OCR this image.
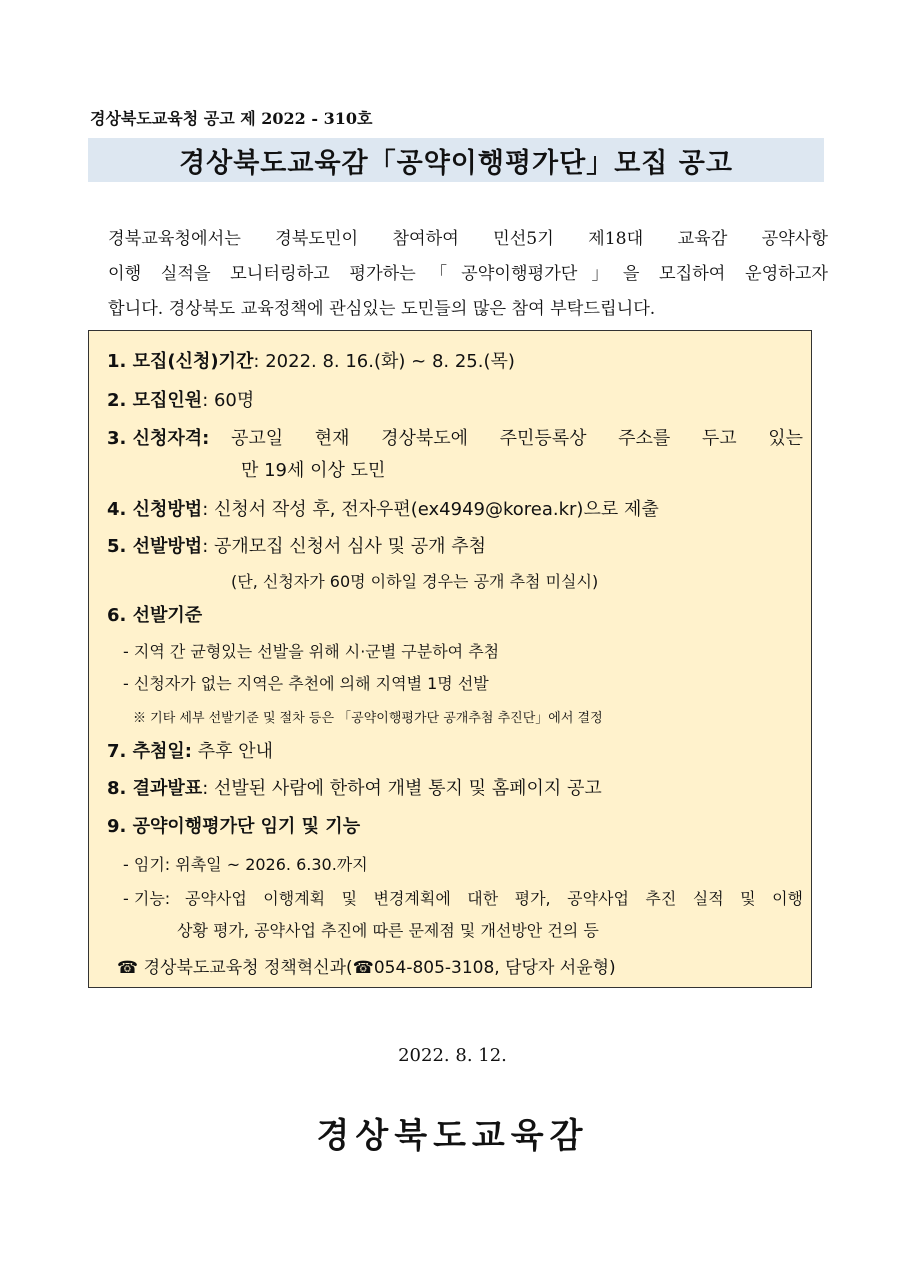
경상북도교육청 공고 제 2022 - 310호
경상북도교육감「공약이행평가단」모집 공고
경북교육청에서는 경북도민이 참여하여 민선5기 제18대 교육감 공약사항
이행 실적을 모니터링하고 평가하는「공약이행평가단」을 모집하여 운영하고자
합니다. 경상북도 교육정책에 관심있는 도민들의 많은 참여 부탁드립니다.
1. 모집(신청)기간: 2022. 8. 16.(화) ~ 8. 25.(목)
2. 모집인원: 60명
3. 신청자격: 공고일 현재 경상북도에 주민등록상 주소를 두고 있는
만 19세 이상 도민
4. 신청방법: 신청서 작성 후, 전자우편(ex4949@korea.kr)으로 제출
5. 선발방법: 공개모집 신청서 심사 및 공개 추첨
(단, 신청자가 60명 이하일 경우는 공개 추첨 미실시)
6. 선발기준
- 지역 간 균형있는 선발을 위해 시·군별 구분하여 추첨
- 신청자가 없는 지역은 추천에 의해 지역별 1명 선발
※ 기타 세부 선발기준 및 절차 등은 「공약이행평가단 공개추첨 추진단」에서 결정
7. 추첨일: 추후 안내
8. 결과발표: 선발된 사람에 한하여 개별 통지 및 홈페이지 공고
9. 공약이행평가단 임기 및 기능
- 임기: 위촉일 ~ 2026. 6.30.까지
- 기능: 공약사업 이행계획 및 변경계획에 대한 평가, 공약사업 추진 실적 및 이행
상황 평가, 공약사업 추진에 따른 문제점 및 개선방안 건의 등
☎ 경상북도교육청 정책혁신과(☎054-805-3108, 담당자 서윤형)
2022. 8. 12.
경상북도교육감
